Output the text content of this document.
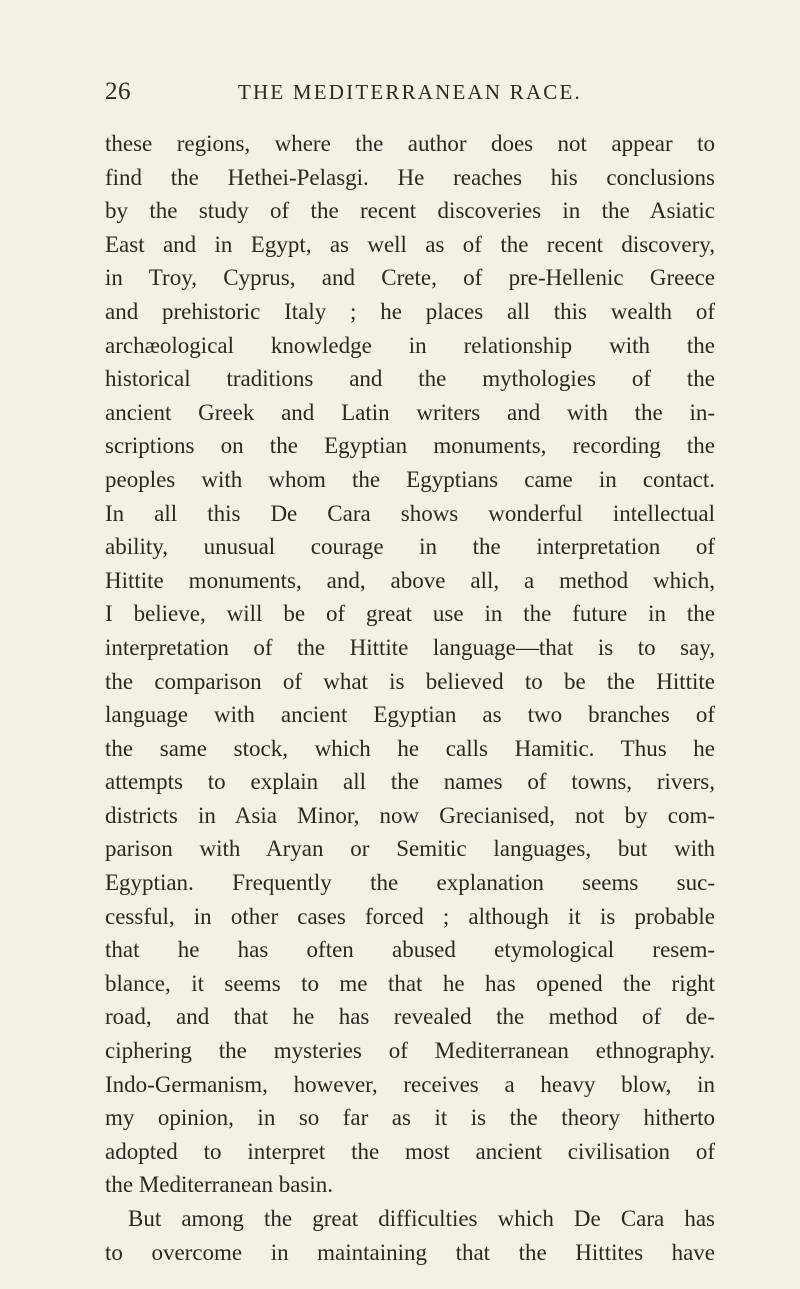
26	THE MEDITERRANEAN RACE.
these regions, where the author does not appear to
find the Hethei-Pelasgi. He reaches his conclusions
by the study of the recent discoveries in the Asiatic
East and in Egypt, as well as of the recent discovery,
in Troy, Cyprus, and Crete, of pre-Hellenic Greece
and prehistoric Italy ; he places all this wealth of
archæological knowledge in relationship with the
historical traditions and the mythologies of the
ancient Greek and Latin writers and with the in-
scriptions on the Egyptian monuments, recording the
peoples with whom the Egyptians came in contact.
In all this De Cara shows wonderful intellectual
ability, unusual courage in the interpretation of
Hittite monuments, and, above all, a method which,
I believe, will be of great use in the future in the
interpretation of the Hittite language—that is to say,
the comparison of what is believed to be the Hittite
language with ancient Egyptian as two branches of
the same stock, which he calls Hamitic. Thus he
attempts to explain all the names of towns, rivers,
districts in Asia Minor, now Grecianised, not by com-
parison with Aryan or Semitic languages, but with
Egyptian. Frequently the explanation seems suc-
cessful, in other cases forced ; although it is probable
that he has often abused etymological resem-
blance, it seems to me that he has opened the right
road, and that he has revealed the method of de-
ciphering the mysteries of Mediterranean ethnography.
Indo-Germanism, however, receives a heavy blow, in
my opinion, in so far as it is the theory hitherto
adopted to interpret the most ancient civilisation of
the Mediterranean basin.
But among the great difficulties which De Cara has
to overcome in maintaining that the Hittites have
